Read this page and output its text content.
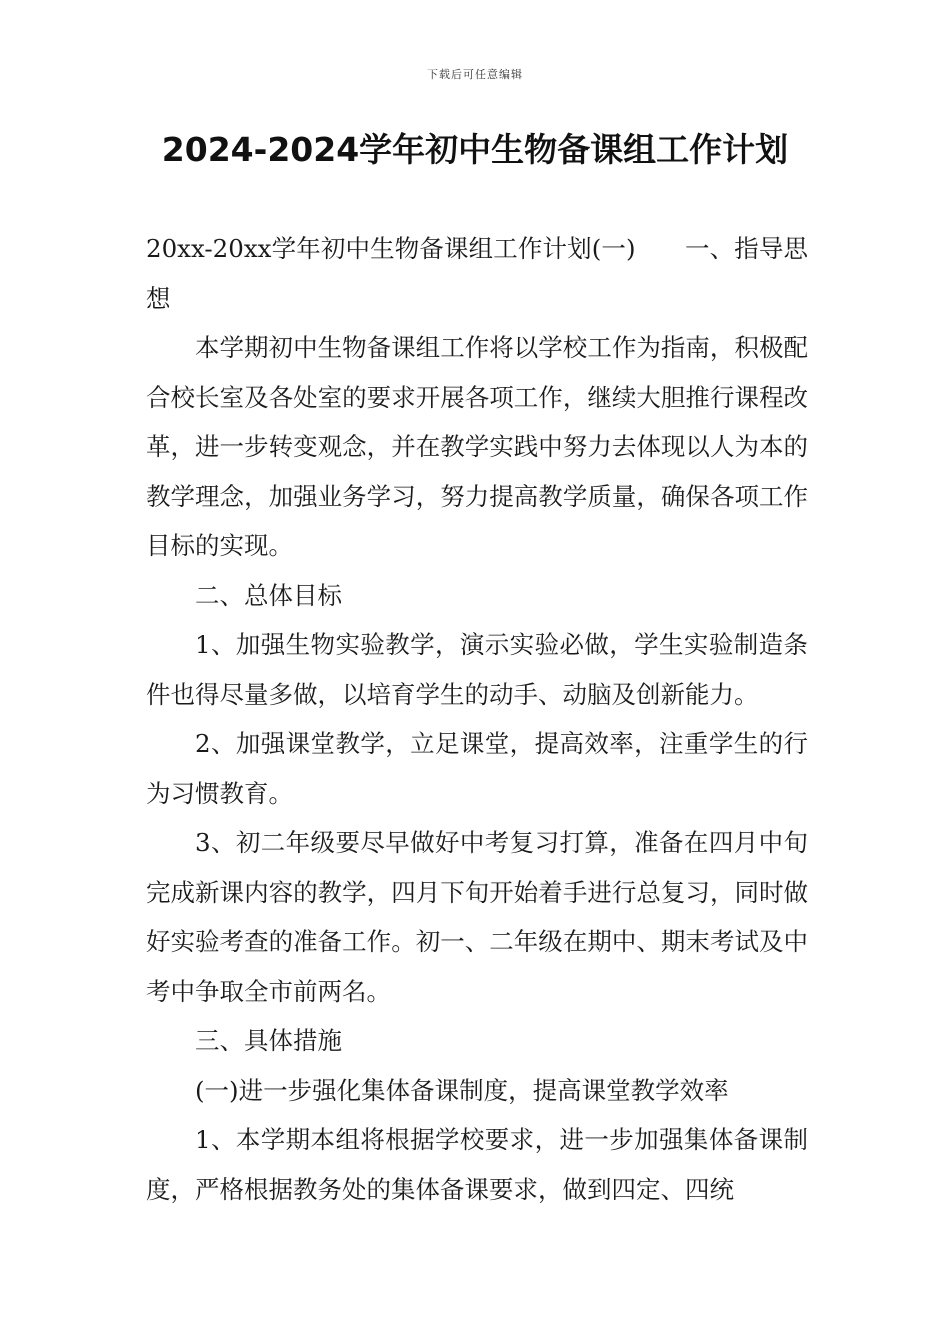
下载后可任意编辑
2024-2024学年初中生物备课组工作计划

20xx-20xx学年初中生物备课组工作计划(一)　　一、指导思想

本学期初中生物备课组工作将以学校工作为指南，积极配合校长室及各处室的要求开展各项工作，继续大胆推行课程改革，进一步转变观念，并在教学实践中努力去体现以人为本的教学理念，加强业务学习，努力提高教学质量，确保各项工作目标的实现。

二、总体目标

1、加强生物实验教学，演示实验必做，学生实验制造条件也得尽量多做，以培育学生的动手、动脑及创新能力。

2、加强课堂教学，立足课堂，提高效率，注重学生的行为习惯教育。

3、初二年级要尽早做好中考复习打算，准备在四月中旬完成新课内容的教学，四月下旬开始着手进行总复习，同时做好实验考查的准备工作。初一、二年级在期中、期末考试及中考中争取全市前两名。

三、具体措施

(一)进一步强化集体备课制度，提高课堂教学效率

1、本学期本组将根据学校要求，进一步加强集体备课制度，严格根据教务处的集体备课要求，做到四定、四统
